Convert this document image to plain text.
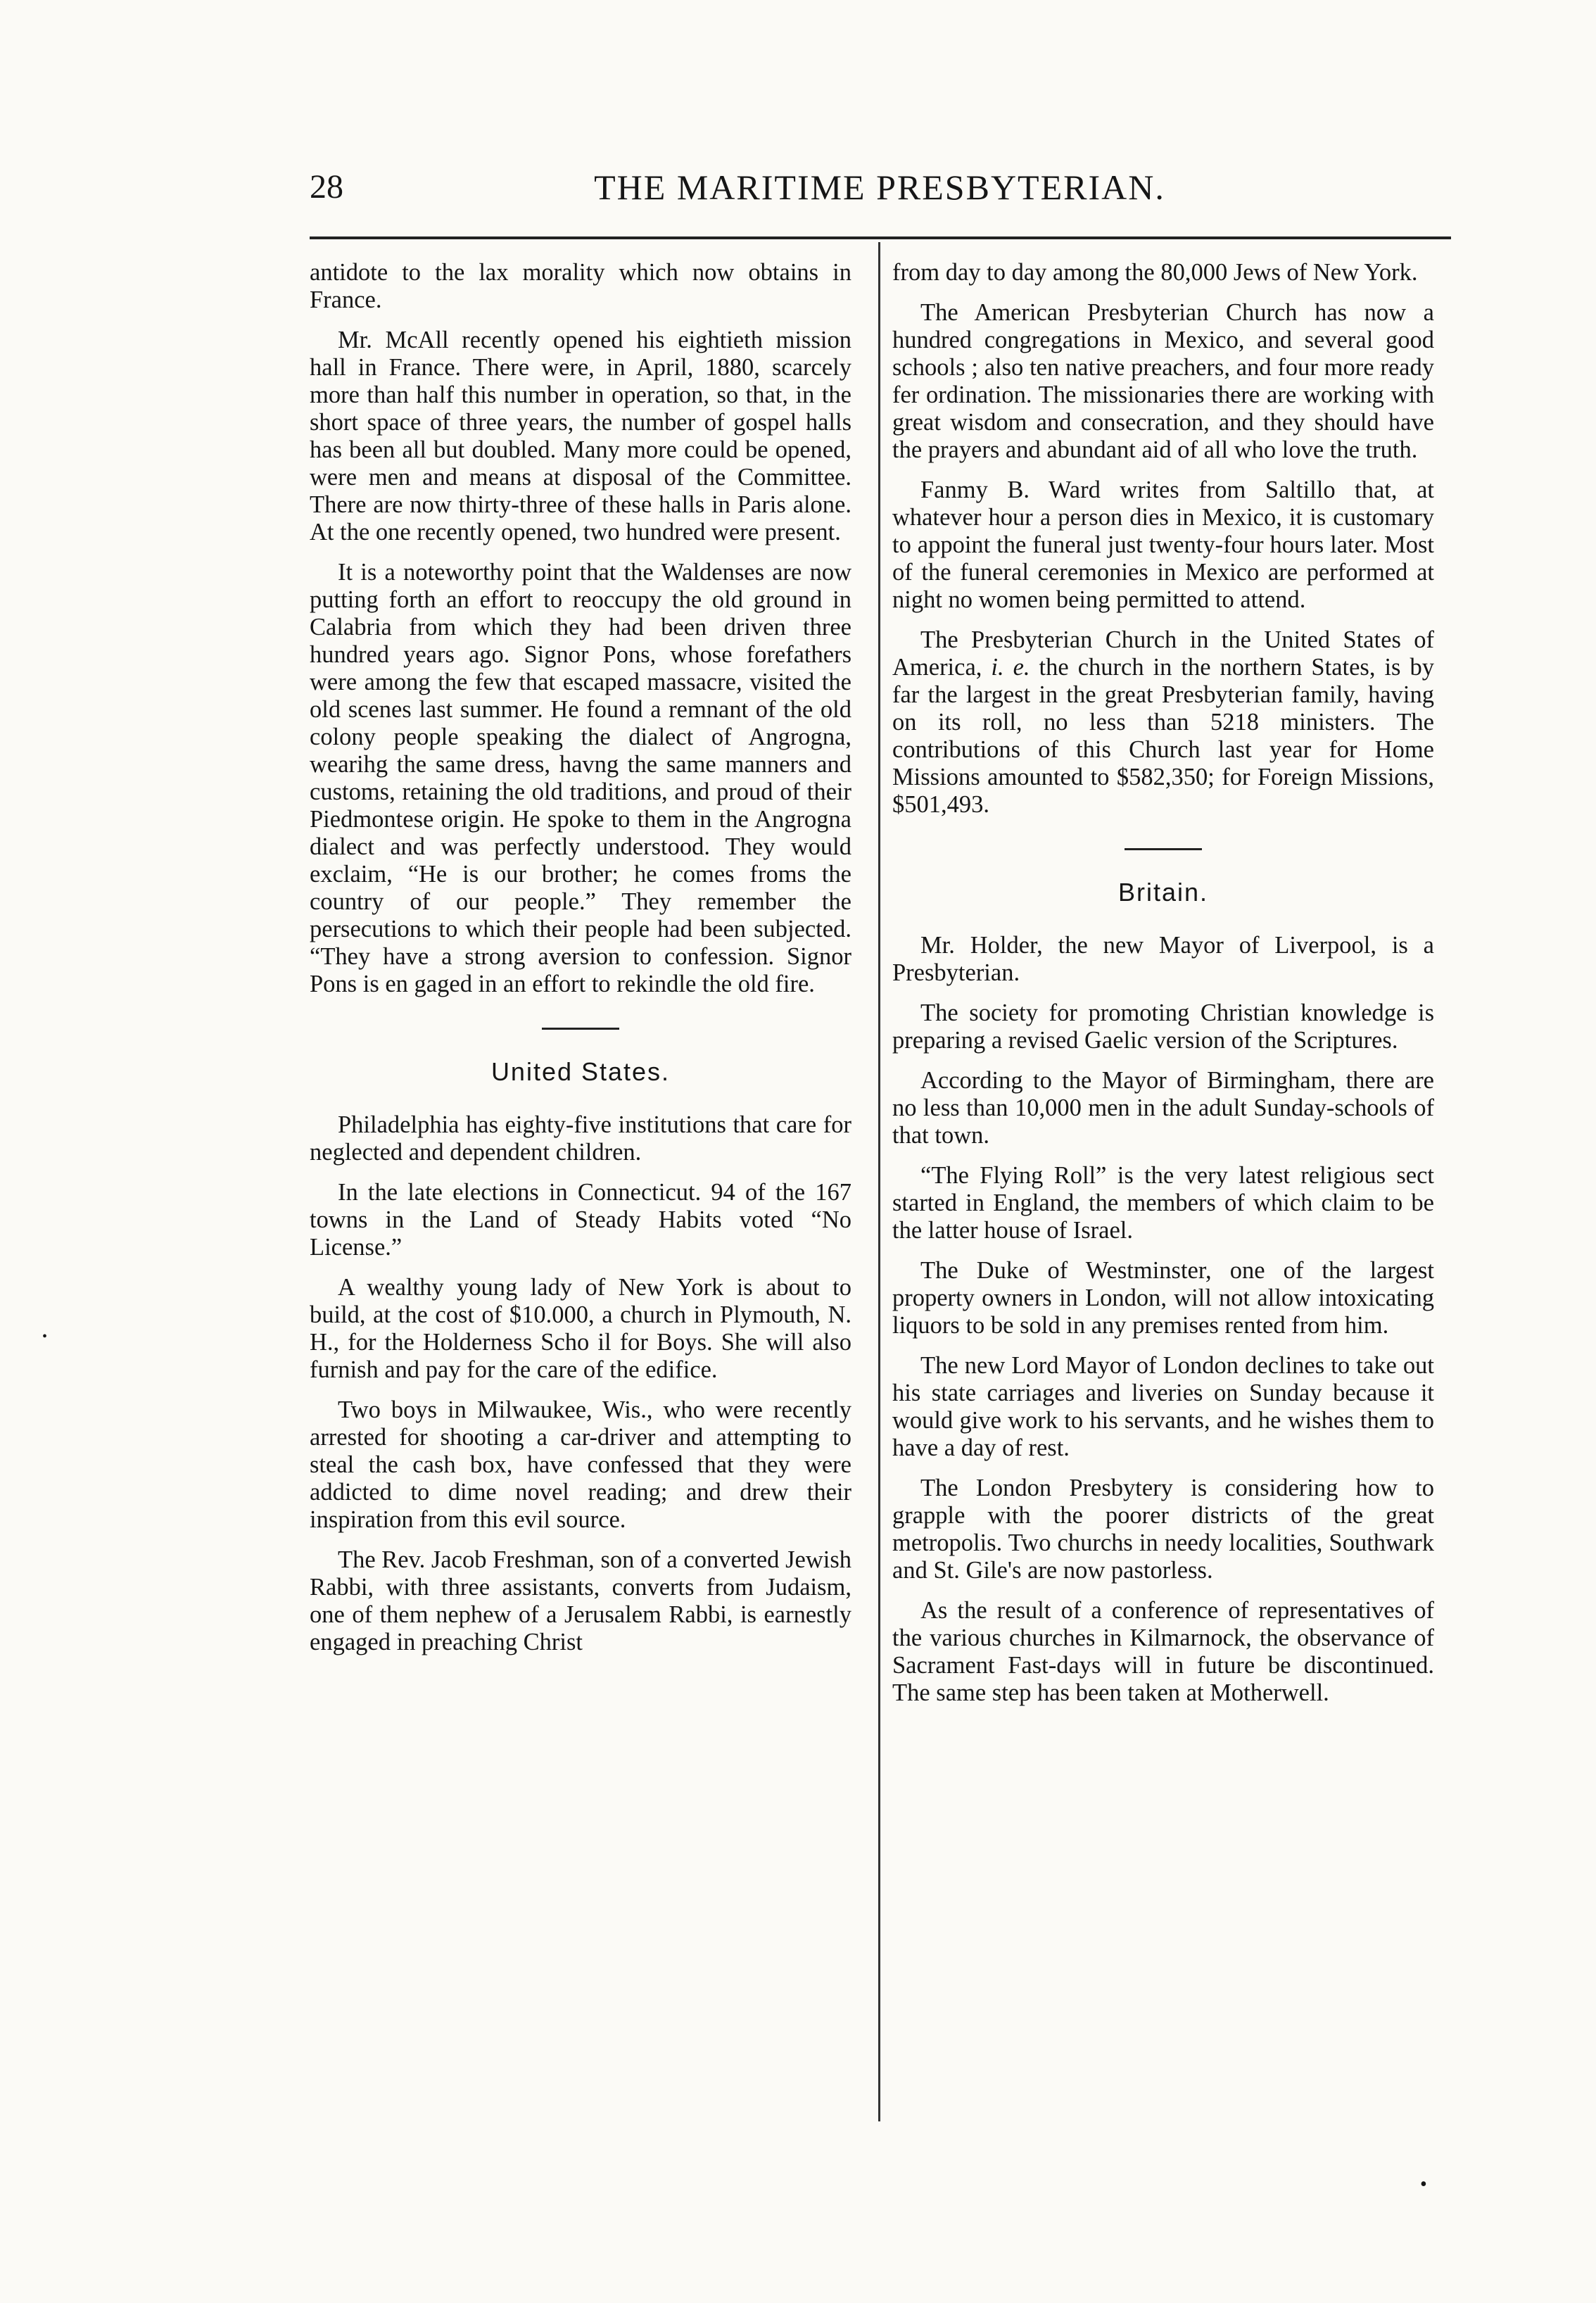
28	THE MARITIME PRESBYTERIAN.

antidote to the lax morality which now obtains in France.

Mr. McAll recently opened his eightieth mission hall in France. There were, in April, 1880, scarcely more than half this number in operation, so that, in the short space of three years, the number of gospel halls has been all but doubled. Many more could be opened, were men and means at disposal of the Committee. There are now thirty-three of these halls in Paris alone. At the one recently opened, two hundred were present.

It is a noteworthy point that the Waldenses are now putting forth an effort to reoccupy the old ground in Calabria from which they had been driven three hundred years ago. Signor Pons, whose forefathers were among the few that escaped massacre, visited the old scenes last summer. He found a remnant of the old colony people speaking the dialect of Angrogna, wearihg the same dress, havng the same manners and customs, retaining the old traditions, and proud of their Piedmontese origin. He spoke to them in the Angrogna dialect and was perfectly understood. They would exclaim, “He is our brother; he comes froms the country of our people.” They remember the persecutions to which their people had been subjected. “They have a strong aversion to confession. Signor Pons is en gaged in an effort to rekindle the old fire.

United States.

Philadelphia has eighty-five institutions that care for neglected and dependent children.

In the late elections in Connecticut. 94 of the 167 towns in the Land of Steady Habits voted “No License.”

A wealthy young lady of New York is about to build, at the cost of $10.000, a church in Plymouth, N. H., for the Holderness Scho il for Boys. She will also furnish and pay for the care of the edifice.

Two boys in Milwaukee, Wis., who were recently arrested for shooting a car-driver and attempting to steal the cash box, have confessed that they were addicted to dime novel reading; and drew their inspiration from this evil source.

The Rev. Jacob Freshman, son of a converted Jewish Rabbi, with three assistants, converts from Judaism, one of them nephew of a Jerusalem Rabbi, is earnestly engaged in preaching Christ

from day to day among the 80,000 Jews of New York.

The American Presbyterian Church has now a hundred congregations in Mexico, and several good schools ; also ten native preachers, and four more ready fer ordination. The missionaries there are working with great wisdom and consecration, and they should have the prayers and abundant aid of all who love the truth.

Fanmy B. Ward writes from Saltillo that, at whatever hour a person dies in Mexico, it is customary to appoint the funeral just twenty-four hours later. Most of the funeral ceremonies in Mexico are performed at night no women being permitted to attend.

The Presbyterian Church in the United States of America, i. e. the church in the northern States, is by far the largest in the great Presbyterian family, having on its roll, no less than 5218 ministers. The contributions of this Church last year for Home Missions amounted to $582,350; for Foreign Missions, $501,493.

Britain.

Mr. Holder, the new Mayor of Liverpool, is a Presbyterian.

The society for promoting Christian knowledge is preparing a revised Gaelic version of the Scriptures.

According to the Mayor of Birmingham, there are no less than 10,000 men in the adult Sunday-schools of that town.

“The Flying Roll” is the very latest religious sect started in England, the members of which claim to be the latter house of Israel.

The Duke of Westminster, one of the largest property owners in London, will not allow intoxicating liquors to be sold in any premises rented from him.

The new Lord Mayor of London declines to take out his state carriages and liveries on Sunday because it would give work to his servants, and he wishes them to have a day of rest.

The London Presbytery is considering how to grapple with the poorer districts of the great metropolis. Two churchs in needy localities, Southwark and St. Gile's are now pastorless.

As the result of a conference of representatives of the various churches in Kilmarnock, the observance of Sacrament Fast-days will in future be discontinued. The same step has been taken at Motherwell.

•
•
